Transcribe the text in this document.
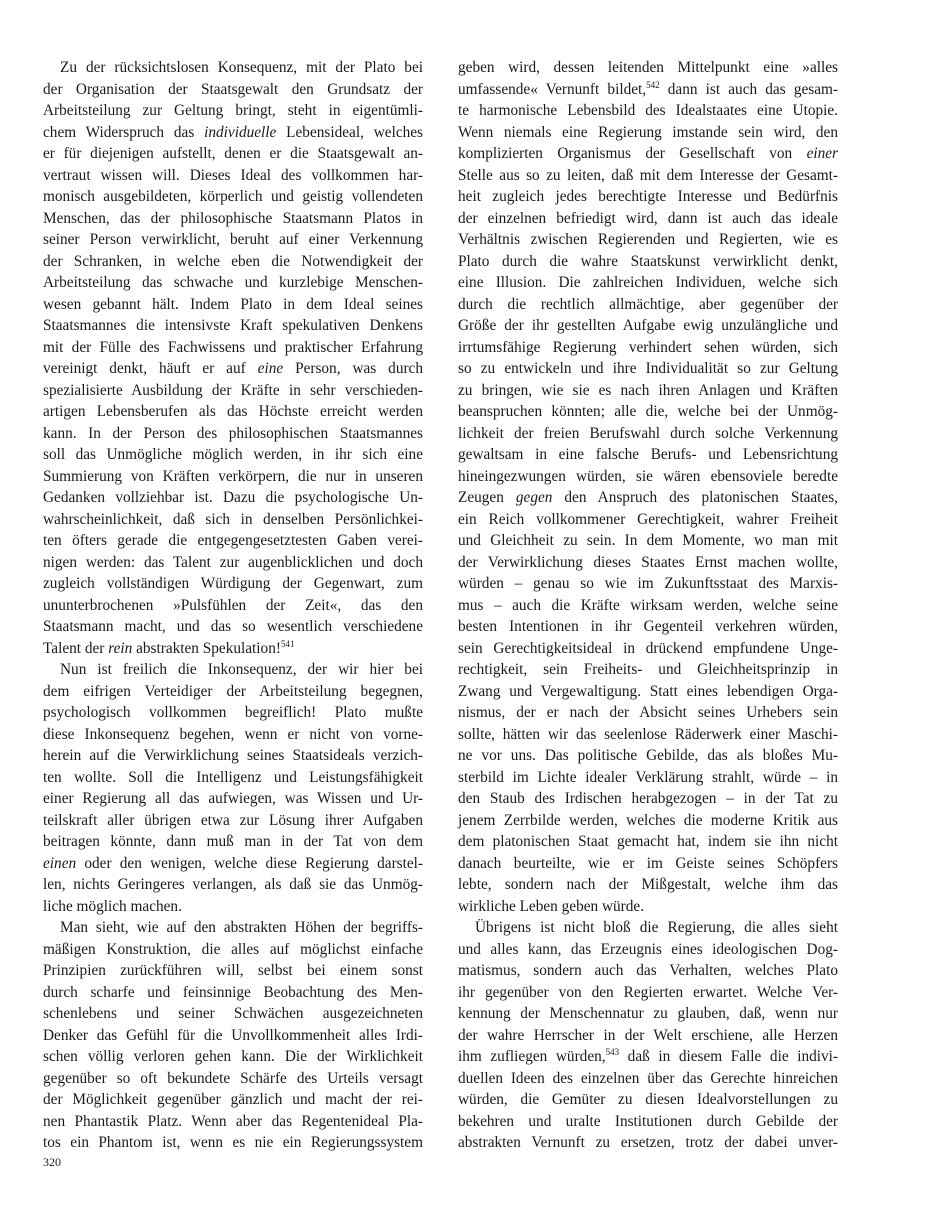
Zu der rücksichtslosen Konsequenz, mit der Plato bei
der Organisation der Staatsgewalt den Grundsatz der
Arbeitsteilung zur Geltung bringt, steht in eigentümli-
chem Widerspruch das individuelle Lebensideal, welches
er für diejenigen aufstellt, denen er die Staatsgewalt an-
vertraut wissen will. Dieses Ideal des vollkommen har-
monisch ausgebildeten, körperlich und geistig vollendeten
Menschen, das der philosophische Staatsmann Platos in
seiner Person verwirklicht, beruht auf einer Verkennung
der Schranken, in welche eben die Notwendigkeit der
Arbeitsteilung das schwache und kurzlebige Menschen-
wesen gebannt hält. Indem Plato in dem Ideal seines
Staatsmannes die intensivste Kraft spekulativen Denkens
mit der Fülle des Fachwissens und praktischer Erfahrung
vereinigt denkt, häuft er auf eine Person, was durch
spezialisierte Ausbildung der Kräfte in sehr verschieden-
artigen Lebensberufen als das Höchste erreicht werden
kann. In der Person des philosophischen Staatsmannes
soll das Unmögliche möglich werden, in ihr sich eine
Summierung von Kräften verkörpern, die nur in unseren
Gedanken vollziehbar ist. Dazu die psychologische Un-
wahrscheinlichkeit, daß sich in denselben Persönlichkei-
ten öfters gerade die entgegengesetztesten Gaben verei-
nigen werden: das Talent zur augenblicklichen und doch
zugleich vollständigen Würdigung der Gegenwart, zum
ununterbrochenen »Pulsfühlen der Zeit«, das den
Staatsmann macht, und das so wesentlich verschiedene
Talent der rein abstrakten Spekulation!$^{541}$
Nun ist freilich die Inkonsequenz, der wir hier bei
dem eifrigen Verteidiger der Arbeitsteilung begegnen,
psychologisch vollkommen begreiflich! Plato mußte
diese Inkonsequenz begehen, wenn er nicht von vorne-
herein auf die Verwirklichung seines Staatsideals verzich-
ten wollte. Soll die Intelligenz und Leistungsfähigkeit
einer Regierung all das aufwiegen, was Wissen und Ur-
teilskraft aller übrigen etwa zur Lösung ihrer Aufgaben
beitragen könnte, dann muß man in der Tat von dem
einen oder den wenigen, welche diese Regierung darstel-
len, nichts Geringeres verlangen, als daß sie das Unmög-
liche möglich machen.
Man sieht, wie auf den abstrakten Höhen der begriffs-
mäßigen Konstruktion, die alles auf möglichst einfache
Prinzipien zurückführen will, selbst bei einem sonst
durch scharfe und feinsinnige Beobachtung des Men-
schenlebens und seiner Schwächen ausgezeichneten
Denker das Gefühl für die Unvollkommenheit alles Irdi-
schen völlig verloren gehen kann. Die der Wirklichkeit
gegenüber so oft bekundete Schärfe des Urteils versagt
der Möglichkeit gegenüber gänzlich und macht der rei-
nen Phantastik Platz. Wenn aber das Regentenideal Pla-
tos ein Phantom ist, wenn es nie ein Regierungssystem
geben wird, dessen leitenden Mittelpunkt eine »alles
umfassende« Vernunft bildet,$^{542}$ dann ist auch das gesam-
te harmonische Lebensbild des Idealstaates eine Utopie.
Wenn niemals eine Regierung imstande sein wird, den
komplizierten Organismus der Gesellschaft von einer
Stelle aus so zu leiten, daß mit dem Interesse der Gesamt-
heit zugleich jedes berechtigte Interesse und Bedürfnis
der einzelnen befriedigt wird, dann ist auch das ideale
Verhältnis zwischen Regierenden und Regierten, wie es
Plato durch die wahre Staatskunst verwirklicht denkt,
eine Illusion. Die zahlreichen Individuen, welche sich
durch die rechtlich allmächtige, aber gegenüber der
Größe der ihr gestellten Aufgabe ewig unzulängliche und
irrtumsfähige Regierung verhindert sehen würden, sich
so zu entwickeln und ihre Individualität so zur Geltung
zu bringen, wie sie es nach ihren Anlagen und Kräften
beanspruchen könnten; alle die, welche bei der Unmög-
lichkeit der freien Berufswahl durch solche Verkennung
gewaltsam in eine falsche Berufs- und Lebensrichtung
hineingezwungen würden, sie wären ebensoviele beredte
Zeugen gegen den Anspruch des platonischen Staates,
ein Reich vollkommener Gerechtigkeit, wahrer Freiheit
und Gleichheit zu sein. In dem Momente, wo man mit
der Verwirklichung dieses Staates Ernst machen wollte,
würden – genau so wie im Zukunftsstaat des Marxis-
mus – auch die Kräfte wirksam werden, welche seine
besten Intentionen in ihr Gegenteil verkehren würden,
sein Gerechtigkeitsideal in drückend empfundene Unge-
rechtigkeit, sein Freiheits- und Gleichheitsprinzip in
Zwang und Vergewaltigung. Statt eines lebendigen Orga-
nismus, der er nach der Absicht seines Urhebers sein
sollte, hätten wir das seelenlose Räderwerk einer Maschi-
ne vor uns. Das politische Gebilde, das als bloßes Mu-
sterbild im Lichte idealer Verklärung strahlt, würde – in
den Staub des Irdischen herabgezogen – in der Tat zu
jenem Zerrbilde werden, welches die moderne Kritik aus
dem platonischen Staat gemacht hat, indem sie ihn nicht
danach beurteilte, wie er im Geiste seines Schöpfers
lebte, sondern nach der Mißgestalt, welche ihm das
wirkliche Leben geben würde.
Übrigens ist nicht bloß die Regierung, die alles sieht
und alles kann, das Erzeugnis eines ideologischen Dog-
matismus, sondern auch das Verhalten, welches Plato
ihr gegenüber von den Regierten erwartet. Welche Ver-
kennung der Menschennatur zu glauben, daß, wenn nur
der wahre Herrscher in der Welt erschiene, alle Herzen
ihm zufliegen würden,$^{543}$ daß in diesem Falle die indivi-
duellen Ideen des einzelnen über das Gerechte hinreichen
würden, die Gemüter zu diesen Idealvorstellungen zu
bekehren und uralte Institutionen durch Gebilde der
abstrakten Vernunft zu ersetzen, trotz der dabei unver-
320
